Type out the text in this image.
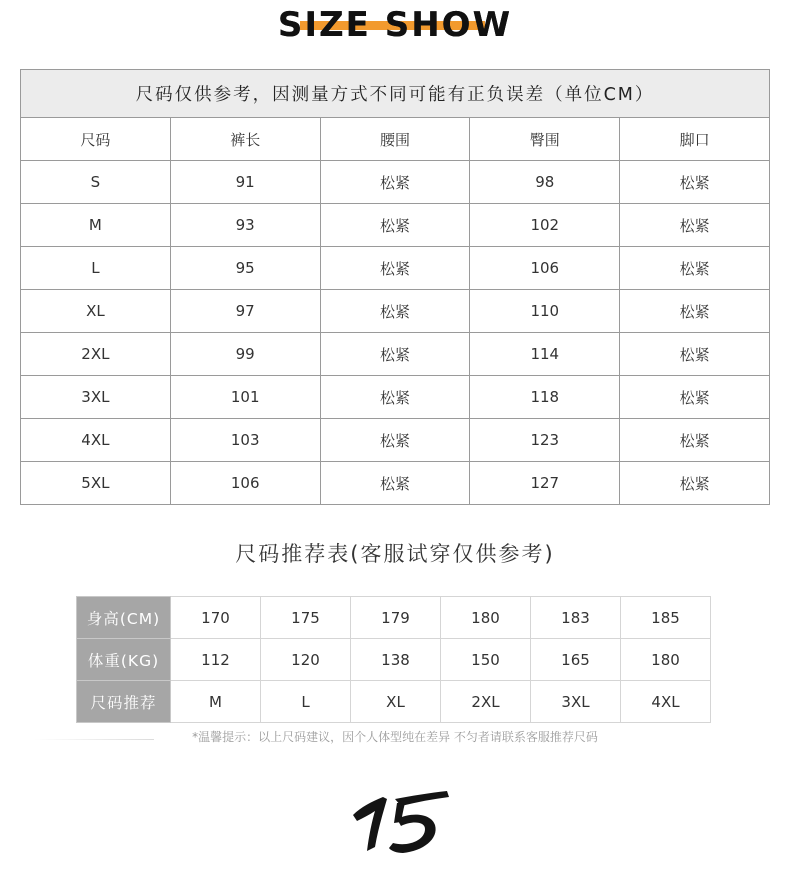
SIZE SHOW
尺码仅供参考，因测量方式不同可能有正负误差（单位CM）				
尺码	裤长	腰围	臀围	脚口
S	91	松紧	98	松紧
M	93	松紧	102	松紧
L	95	松紧	106	松紧
XL	97	松紧	110	松紧
2XL	99	松紧	114	松紧
3XL	101	松紧	118	松紧
4XL	103	松紧	123	松紧
5XL	106	松紧	127	松紧
尺码推荐表(客服试穿仅供参考)
身高(CM)	170	175	179	180	183	185
体重(KG)	112	120	138	150	165	180
尺码推荐	M	L	XL	2XL	3XL	4XL
*温馨提示：以上尺码建议，因个人体型纯在差异 不匀者请联系客服推荐尺码
15
